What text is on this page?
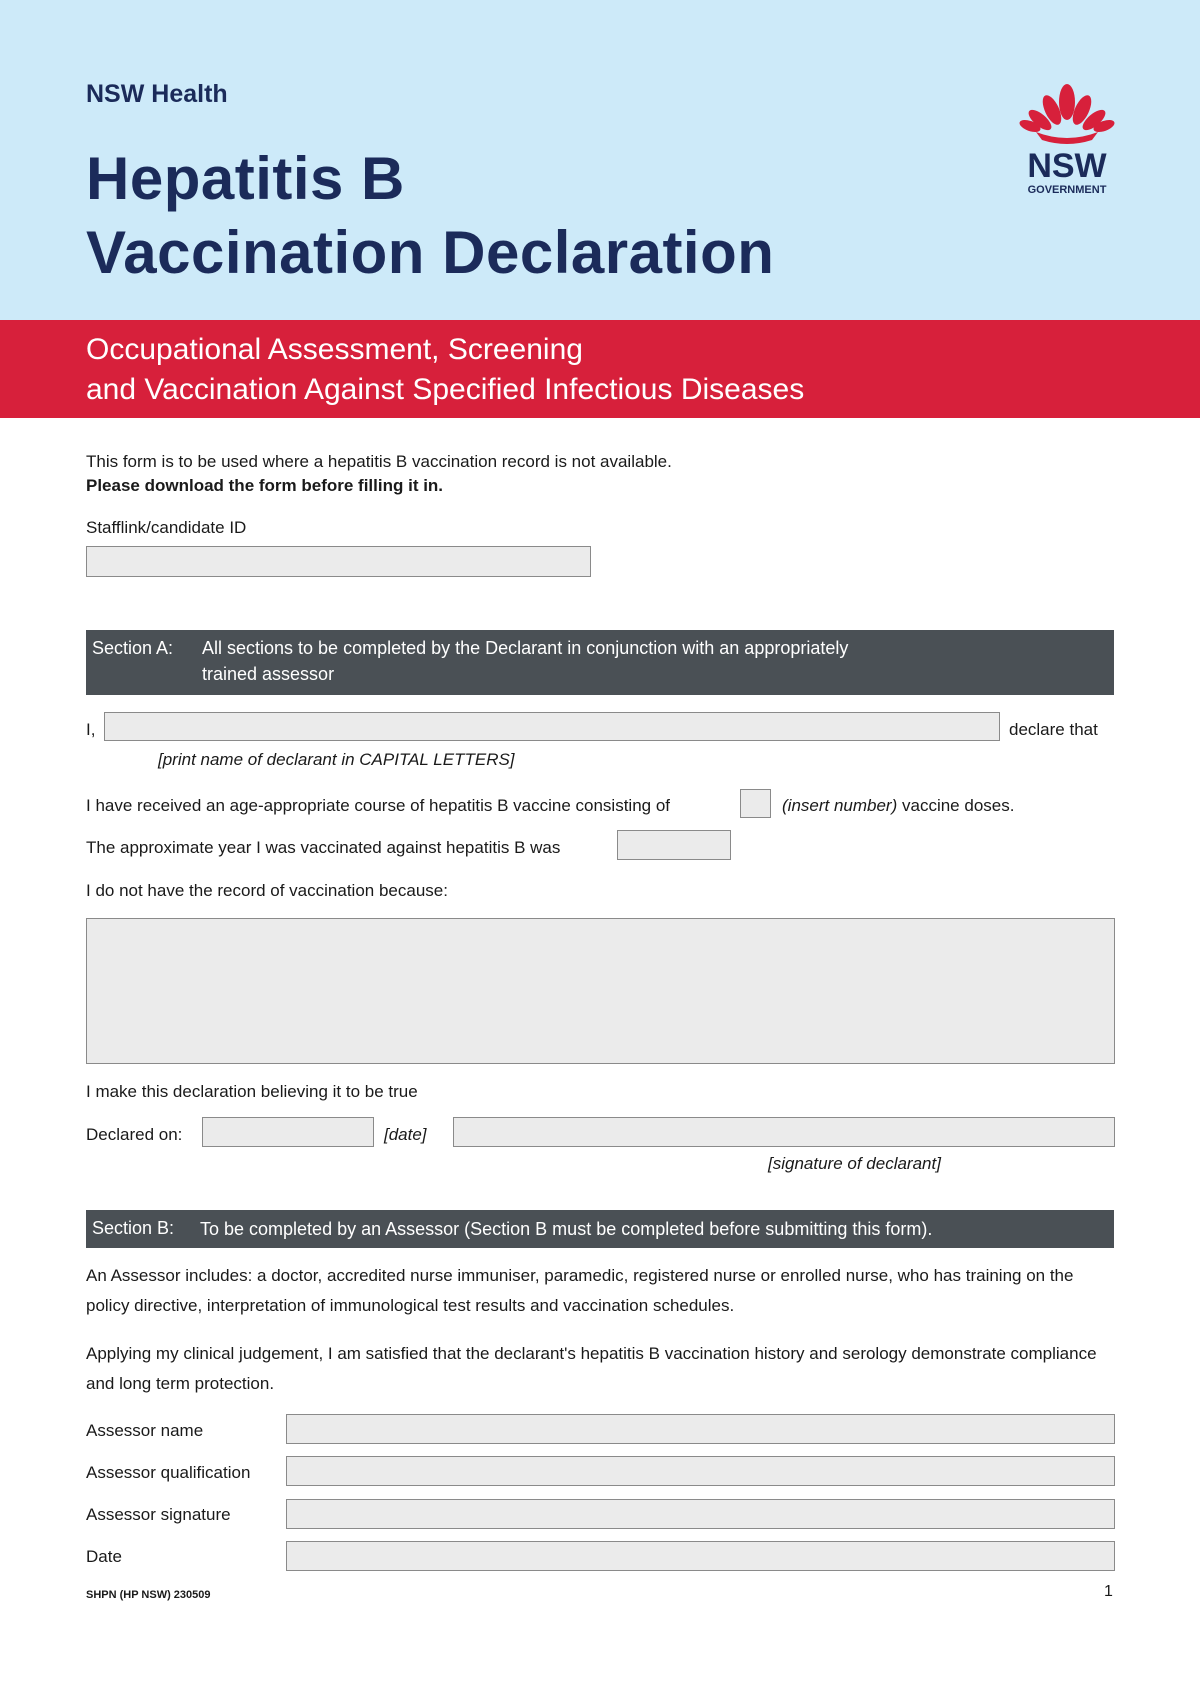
NSW Health
Hepatitis B
Vaccination Declaration
NSW
GOVERNMENT
Occupational Assessment, Screening
and Vaccination Against Specified Infectious Diseases
This form is to be used where a hepatitis B vaccination record is not available.
Please download the form before filling it in.
Stafflink/candidate ID
Section A: All sections to be completed by the Declarant in conjunction with an appropriately
trained assessor
I,	declare that
[print name of declarant in CAPITAL LETTERS]
I have received an age-appropriate course of hepatitis B vaccine consisting of	(insert number) vaccine doses.
The approximate year I was vaccinated against hepatitis B was
I do not have the record of vaccination because:
I make this declaration believing it to be true
Declared on:	[date]
[signature of declarant]
Section B: To be completed by an Assessor (Section B must be completed before submitting this form).
An Assessor includes: a doctor, accredited nurse immuniser, paramedic, registered nurse or enrolled nurse, who has training on the policy directive, interpretation of immunological test results and vaccination schedules.
Applying my clinical judgement, I am satisfied that the declarant's hepatitis B vaccination history and serology demonstrate compliance and long term protection.
Assessor name
Assessor qualification
Assessor signature
Date
SHPN (HP NSW) 230509	1
